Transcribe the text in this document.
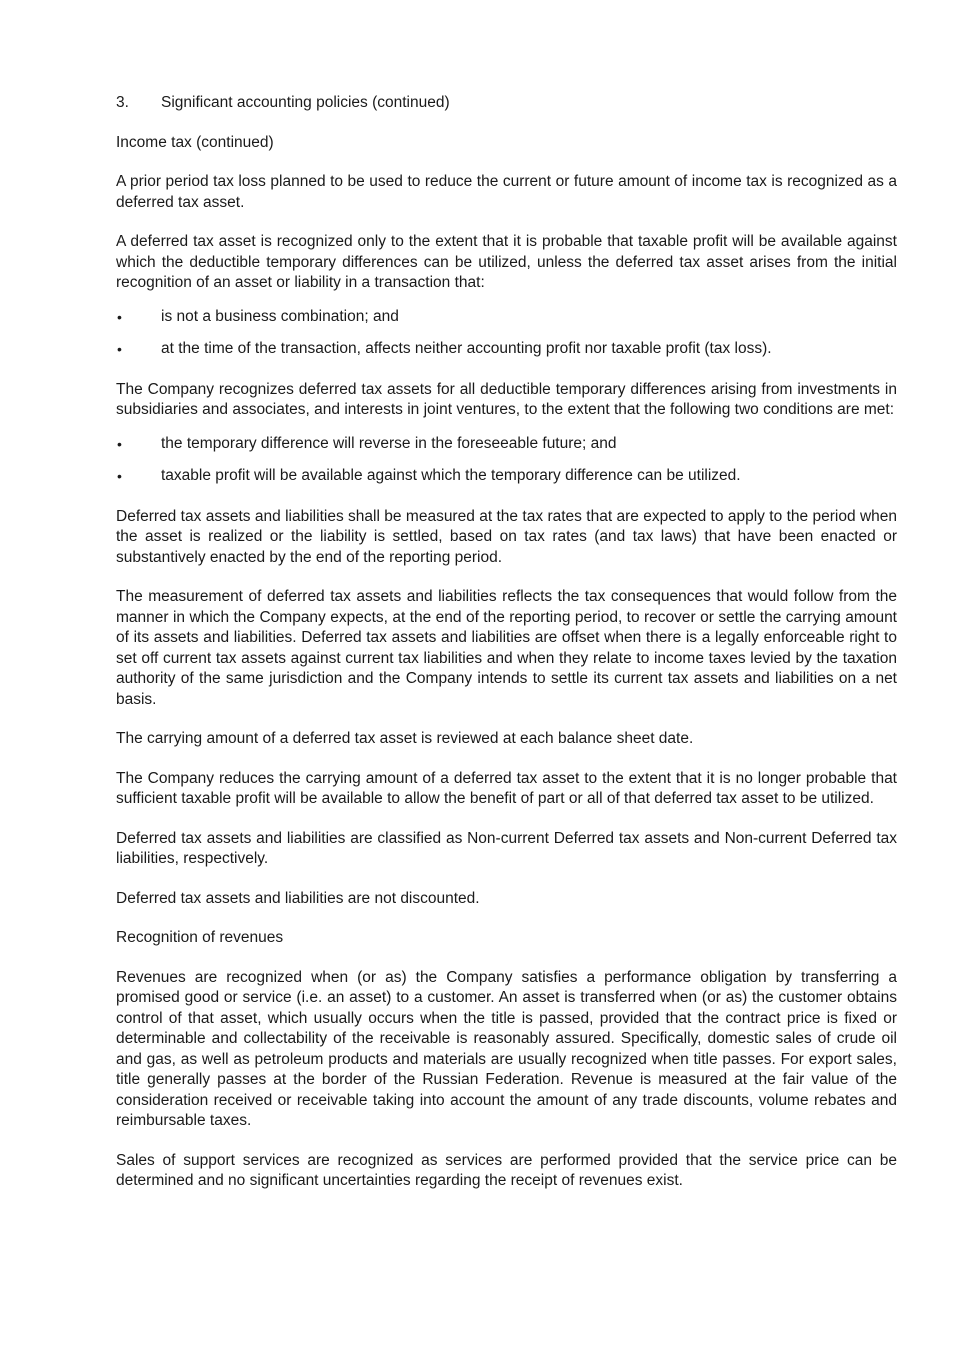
3.	Significant accounting policies (continued)
Income tax (continued)

A prior period tax loss planned to be used to reduce the current or future amount of income tax is recognized as a deferred tax asset.

A deferred tax asset is recognized only to the extent that it is probable that taxable profit will be available against which the deductible temporary differences can be utilized, unless the deferred tax asset arises from the initial recognition of an asset or liability in a transaction that:

•
is not a business combination; and
•
at the time of the transaction, affects neither accounting profit nor taxable profit (tax loss).

The Company recognizes deferred tax assets for all deductible temporary differences arising from investments in subsidiaries and associates, and interests in joint ventures, to the extent that the following two conditions are met:

•
the temporary difference will reverse in the foreseeable future; and
•
taxable profit will be available against which the temporary difference can be utilized.

Deferred tax assets and liabilities shall be measured at the tax rates that are expected to apply to the period when the asset is realized or the liability is settled, based on tax rates (and tax laws) that have been enacted or substantively enacted by the end of the reporting period.

The measurement of deferred tax assets and liabilities reflects the tax consequences that would follow from the manner in which the Company expects, at the end of the reporting period, to recover or settle the carrying amount of its assets and liabilities. Deferred tax assets and liabilities are offset when there is a legally enforceable right to set off current tax assets against current tax liabilities and when they relate to income taxes levied by the taxation authority of the same jurisdiction and the Company intends to settle its current tax assets and liabilities on a net basis.

The carrying amount of a deferred tax asset is reviewed at each balance sheet date.

The Company reduces the carrying amount of a deferred tax asset to the extent that it is no longer probable that sufficient taxable profit will be available to allow the benefit of part or all of that deferred tax asset to be utilized.

Deferred tax assets and liabilities are classified as Non-current Deferred tax assets and Non-current Deferred tax liabilities, respectively.

Deferred tax assets and liabilities are not discounted.

Recognition of revenues

Revenues are recognized when (or as) the Company satisfies a performance obligation by transferring a promised good or service (i.e. an asset) to a customer. An asset is transferred when (or as) the customer obtains control of that asset, which usually occurs when the title is passed, provided that the contract price is fixed or determinable and collectability of the receivable is reasonably assured. Specifically, domestic sales of crude oil and gas, as well as petroleum products and materials are usually recognized when title passes. For export sales, title generally passes at the border of the Russian Federation. Revenue is measured at the fair value of the consideration received or receivable taking into account the amount of any trade discounts, volume rebates and reimbursable taxes.

Sales of support services are recognized as services are performed provided that the service price can be determined and no significant uncertainties regarding the receipt of revenues exist.
